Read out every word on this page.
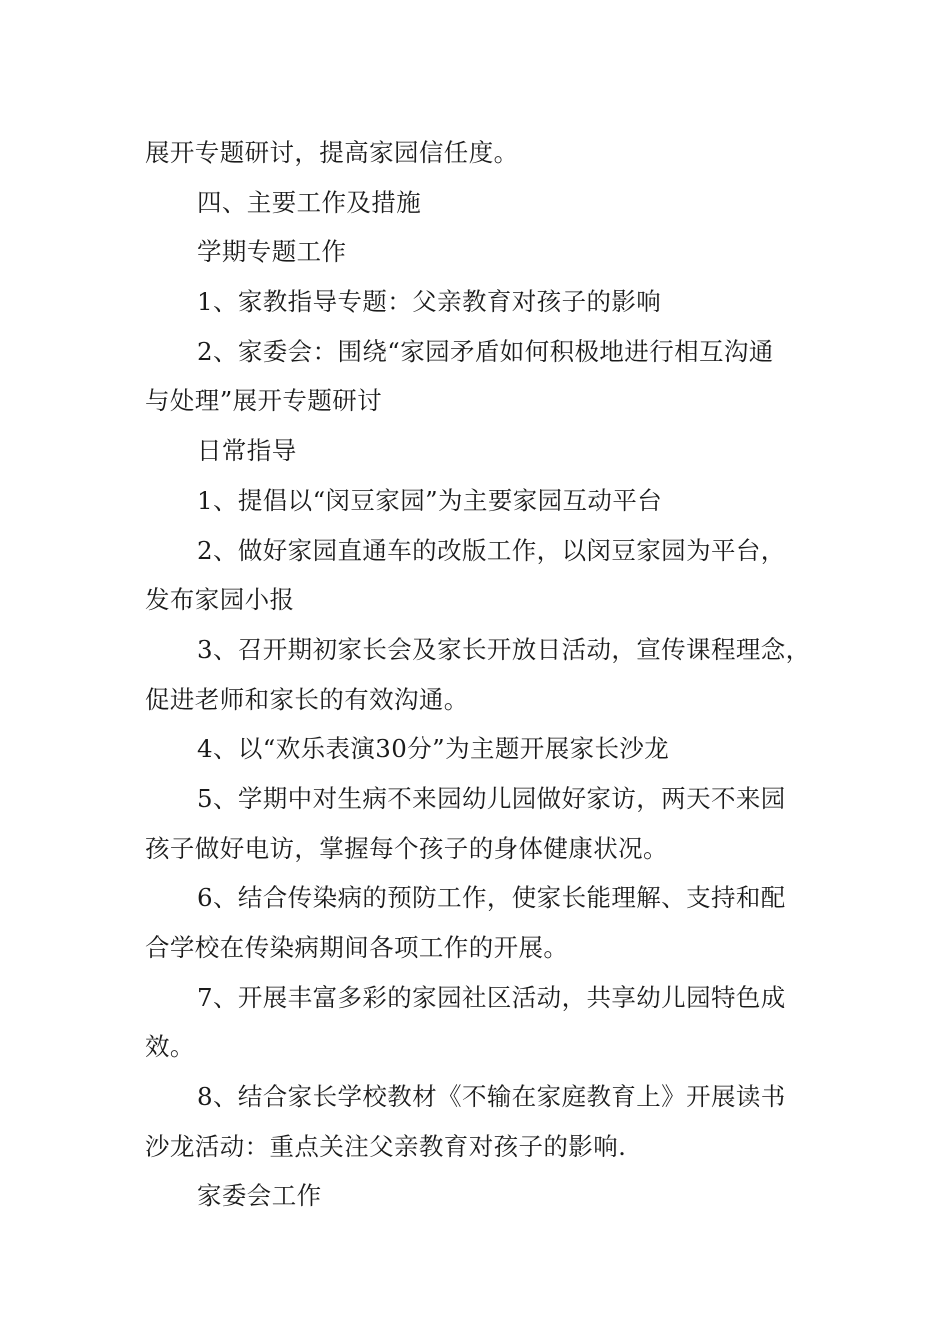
展开专题研讨，提高家园信任度。
四、主要工作及措施
学期专题工作
1、家教指导专题：父亲教育对孩子的影响
2、家委会：围绕“家园矛盾如何积极地进行相互沟通
与处理”展开专题研讨
日常指导
1、提倡以“闵豆家园”为主要家园互动平台
2、做好家园直通车的改版工作，以闵豆家园为平台，
发布家园小报
3、召开期初家长会及家长开放日活动，宣传课程理念，
促进老师和家长的有效沟通。
4、以“欢乐表演30分”为主题开展家长沙龙
5、学期中对生病不来园幼儿园做好家访，两天不来园
孩子做好电访，掌握每个孩子的身体健康状况。
6、结合传染病的预防工作，使家长能理解、支持和配
合学校在传染病期间各项工作的开展。
7、开展丰富多彩的家园社区活动，共享幼儿园特色成
效。
8、结合家长学校教材《不输在家庭教育上》开展读书
沙龙活动：重点关注父亲教育对孩子的影响.
家委会工作
